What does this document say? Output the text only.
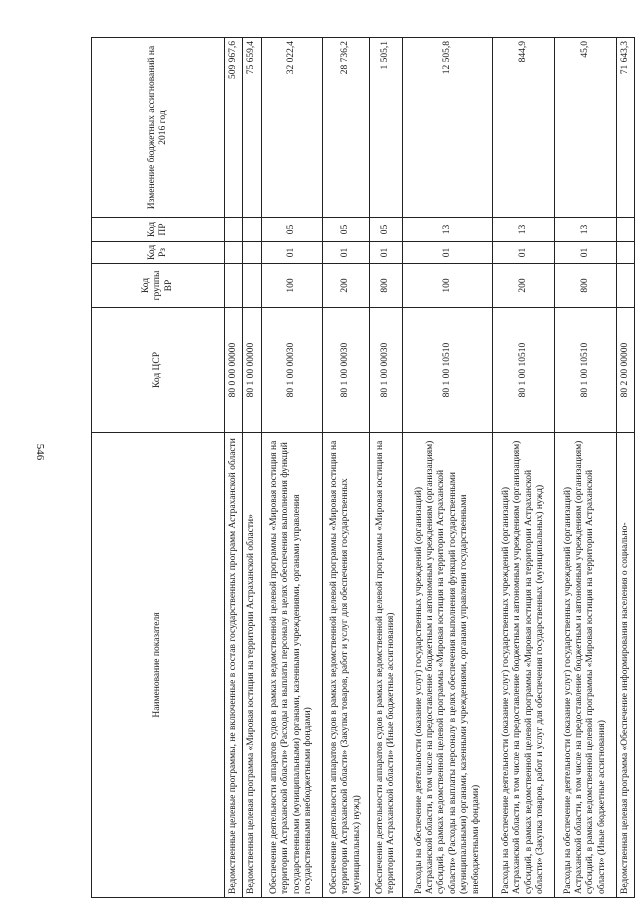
546
Наименование показателя	Код ЦСР	Код группы ВР	Код Рз	Код ПР	Изменение бюджетных ассигнований на 2016 год
Ведомственные целевые программы, не включенные в состав государственных программ Астраханской области	80 0 00 00000				509 967,6
Ведомственная целевая программа «Мировая юстиция на территории Астраханской области»	80 1 00 00000				75 659,4
Обеспечение деятельности аппаратов судов в рамках ведомственной целевой программы «Мировая юстиция на территории Астраханской области» (Расходы на выплаты персоналу в целях обеспечения выполнения функций государственными (муниципальными) органами, казенными учреждениями, органами управления государственными внебюджетными фондами)	80 1 00 00030	100	01	05	32 022,4
Обеспечение деятельности аппаратов судов в рамках ведомственной целевой программы «Мировая юстиция на территории Астраханской области» (Закупка товаров, работ и услуг для обеспечения государственных (муниципальных) нужд)	80 1 00 00030	200	01	05	28 736,2
Обеспечение деятельности аппаратов судов в рамках ведомственной целевой программы «Мировая юстиция на территории Астраханской области» (Иные бюджетные ассигнования)	80 1 00 00030	800	01	05	1 505,1
Расходы на обеспечение деятельности (оказание услуг) государственных учреждений (организаций) Астраханской области, в том числе на предоставление бюджетным и автономным учреждениям (организациям) субсидий, в рамках ведомственной целевой программы «Мировая юстиция на территории Астраханской области» (Расходы на выплаты персоналу в целях обеспечения выполнения функций государственными (муниципальными) органами, казенными учреждениями, органами управления государственными внебюджетными фондами)	80 1 00 10510	100	01	13	12 505,8
Расходы на обеспечение деятельности (оказание услуг) государственных учреждений (организаций) Астраханской области, в том числе на предоставление бюджетным и автономным учреждениям (организациям) субсидий, в рамках ведомственной целевой программы «Мировая юстиция на территории Астраханской области» (Закупка товаров, работ и услуг для обеспечения государственных (муниципальных) нужд)	80 1 00 10510	200	01	13	844,9
Расходы на обеспечение деятельности (оказание услуг) государственных учреждений (организаций) Астраханской области, в том числе на предоставление бюджетным и автономным учреждениям (организациям) субсидий, в рамках ведомственной целевой программы «Мировая юстиция на территории Астраханской области» (Иные бюджетные ассигнования)	80 1 00 10510	800	01	13	45,0
Ведомственная целевая программа «Обеспечение информирования населения о социально-	80 2 00 00000				71 643,3
